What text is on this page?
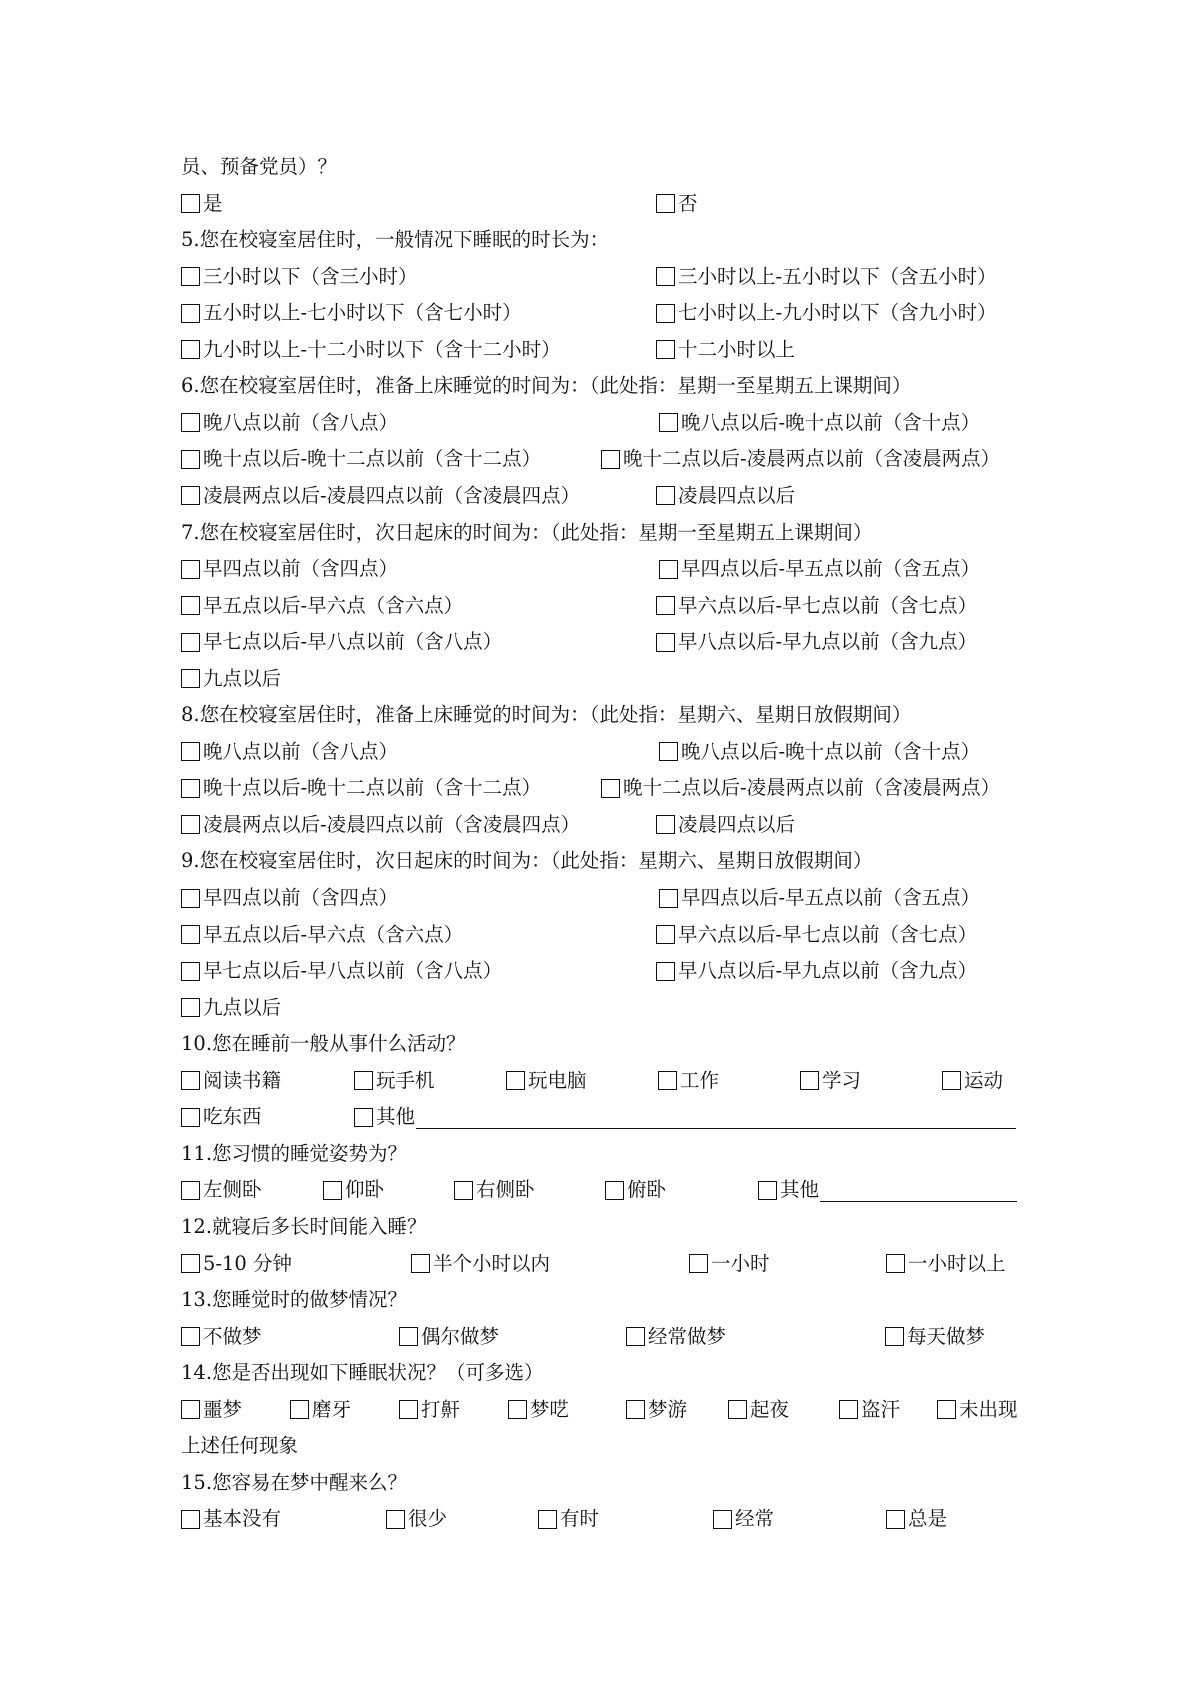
员、预备党员）？
是	否
5.您在校寝室居住时，一般情况下睡眠的时长为：
三小时以下（含三小时）	三小时以上-五小时以下（含五小时）
五小时以上-七小时以下（含七小时）	七小时以上-九小时以下（含九小时）
九小时以上-十二小时以下（含十二小时）	十二小时以上
6.您在校寝室居住时，准备上床睡觉的时间为：（此处指：星期一至星期五上课期间）
晚八点以前（含八点）	晚八点以后-晚十点以前（含十点）
晚十点以后-晚十二点以前（含十二点）	晚十二点以后-凌晨两点以前（含凌晨两点）
凌晨两点以后-凌晨四点以前（含凌晨四点）	凌晨四点以后
7.您在校寝室居住时，次日起床的时间为：（此处指：星期一至星期五上课期间）
早四点以前（含四点）	早四点以后-早五点以前（含五点）
早五点以后-早六点（含六点）	早六点以后-早七点以前（含七点）
早七点以后-早八点以前（含八点）	早八点以后-早九点以前（含九点）
九点以后
8.您在校寝室居住时，准备上床睡觉的时间为：（此处指：星期六、星期日放假期间）
晚八点以前（含八点）	晚八点以后-晚十点以前（含十点）
晚十点以后-晚十二点以前（含十二点）	晚十二点以后-凌晨两点以前（含凌晨两点）
凌晨两点以后-凌晨四点以前（含凌晨四点）	凌晨四点以后
9.您在校寝室居住时，次日起床的时间为：（此处指：星期六、星期日放假期间）
早四点以前（含四点）	早四点以后-早五点以前（含五点）
早五点以后-早六点（含六点）	早六点以后-早七点以前（含七点）
早七点以后-早八点以前（含八点）	早八点以后-早九点以前（含九点）
九点以后
10.您在睡前一般从事什么活动？
阅读书籍	玩手机	玩电脑	工作	学习	运动
吃东西	其他
11.您习惯的睡觉姿势为？
左侧卧	仰卧	右侧卧	俯卧	其他
12.就寝后多长时间能入睡？
5-10 分钟	半个小时以内	一小时	一小时以上
13.您睡觉时的做梦情况？
不做梦	偶尔做梦	经常做梦	每天做梦
14.您是否出现如下睡眠状况？（可多选）
噩梦	磨牙	打鼾	梦呓	梦游	起夜	盗汗	未出现
上述任何现象
15.您容易在梦中醒来么？
基本没有	很少	有时	经常	总是
